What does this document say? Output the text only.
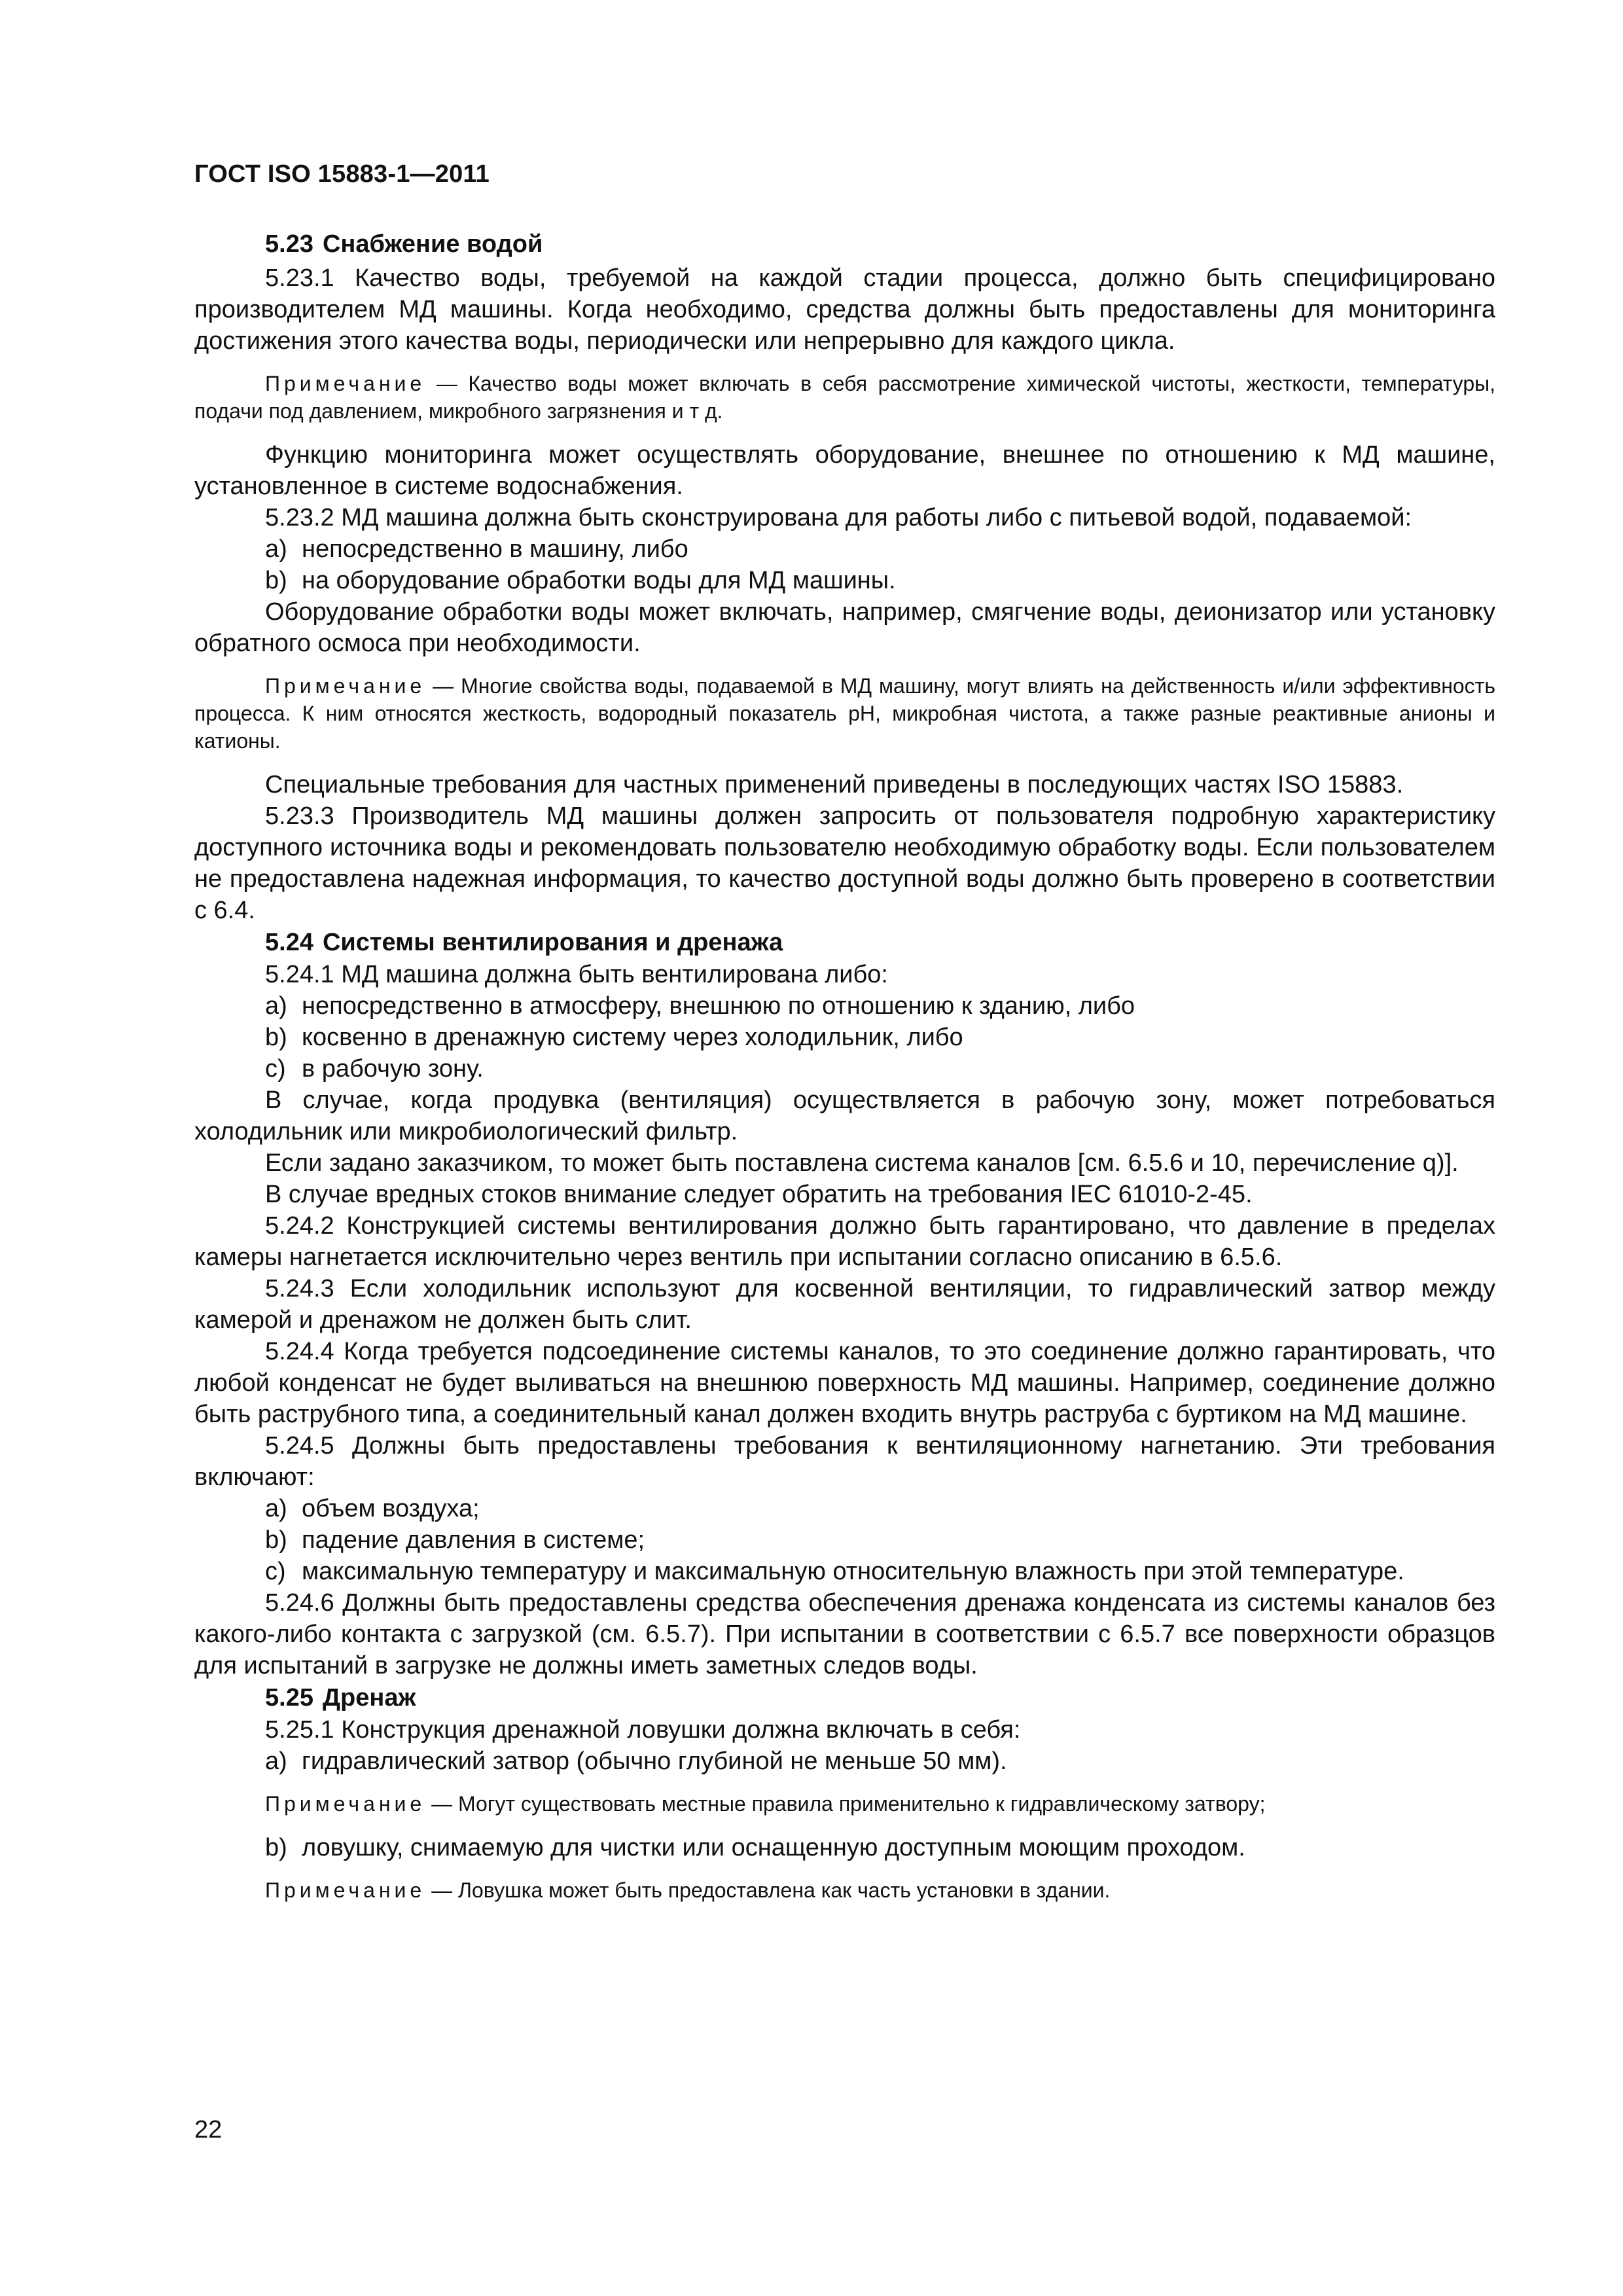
ГОСТ ISO 15883-1—2011

5.23 Снабжение водой

5.23.1 Качество воды, требуемой на каждой стадии процесса, должно быть специфицировано производителем МД машины. Когда необходимо, средства должны быть предоставлены для мониторинга достижения этого качества воды, периодически или непрерывно для каждого цикла.

Примечание — Качество воды может включать в себя рассмотрение химической чистоты, жесткости, температуры, подачи под давлением, микробного загрязнения и т д.

Функцию мониторинга может осуществлять оборудование, внешнее по отношению к МД машине, установленное в системе водоснабжения.

5.23.2 МД машина должна быть сконструирована для работы либо с питьевой водой, подаваемой:

a) непосредственно в машину, либо

b) на оборудование обработки воды для МД машины.

Оборудование обработки воды может включать, например, смягчение воды, деионизатор или установку обратного осмоса при необходимости.

Примечание — Многие свойства воды, подаваемой в МД машину, могут влиять на действенность и/или эффективность процесса. К ним относятся жесткость, водородный показатель pH, микробная чистота, а также разные реактивные анионы и катионы.

Специальные требования для частных применений приведены в последующих частях ISO 15883.

5.23.3 Производитель МД машины должен запросить от пользователя подробную характеристику доступного источника воды и рекомендовать пользователю необходимую обработку воды. Если пользователем не предоставлена надежная информация, то качество доступной воды должно быть проверено в соответствии с 6.4.

5.24 Системы вентилирования и дренажа

5.24.1 МД машина должна быть вентилирована либо:

a) непосредственно в атмосферу, внешнюю по отношению к зданию, либо

b) косвенно в дренажную систему через холодильник, либо

c) в рабочую зону.

В случае, когда продувка (вентиляция) осуществляется в рабочую зону, может потребоваться холодильник или микробиологический фильтр.

Если задано заказчиком, то может быть поставлена система каналов [см. 6.5.6 и 10, перечисление q)].

В случае вредных стоков внимание следует обратить на требования IEC 61010-2-45.

5.24.2 Конструкцией системы вентилирования должно быть гарантировано, что давление в пределах камеры нагнетается исключительно через вентиль при испытании согласно описанию в 6.5.6.

5.24.3 Если холодильник используют для косвенной вентиляции, то гидравлический затвор между камерой и дренажом не должен быть слит.

5.24.4 Когда требуется подсоединение системы каналов, то это соединение должно гарантировать, что любой конденсат не будет выливаться на внешнюю поверхность МД машины. Например, соединение должно быть раструбного типа, а соединительный канал должен входить внутрь раструба с буртиком на МД машине.

5.24.5 Должны быть предоставлены требования к вентиляционному нагнетанию. Эти требования включают:

a) объем воздуха;

b) падение давления в системе;

c) максимальную температуру и максимальную относительную влажность при этой температуре.

5.24.6 Должны быть предоставлены средства обеспечения дренажа конденсата из системы каналов без какого-либо контакта с загрузкой (см. 6.5.7). При испытании в соответствии с 6.5.7 все поверхности образцов для испытаний в загрузке не должны иметь заметных следов воды.

5.25 Дренаж

5.25.1 Конструкция дренажной ловушки должна включать в себя:

a) гидравлический затвор (обычно глубиной не меньше 50 мм).

Примечание — Могут существовать местные правила применительно к гидравлическому затвору;

b) ловушку, снимаемую для чистки или оснащенную доступным моющим проходом.

Примечание — Ловушка может быть предоставлена как часть установки в здании.

22
